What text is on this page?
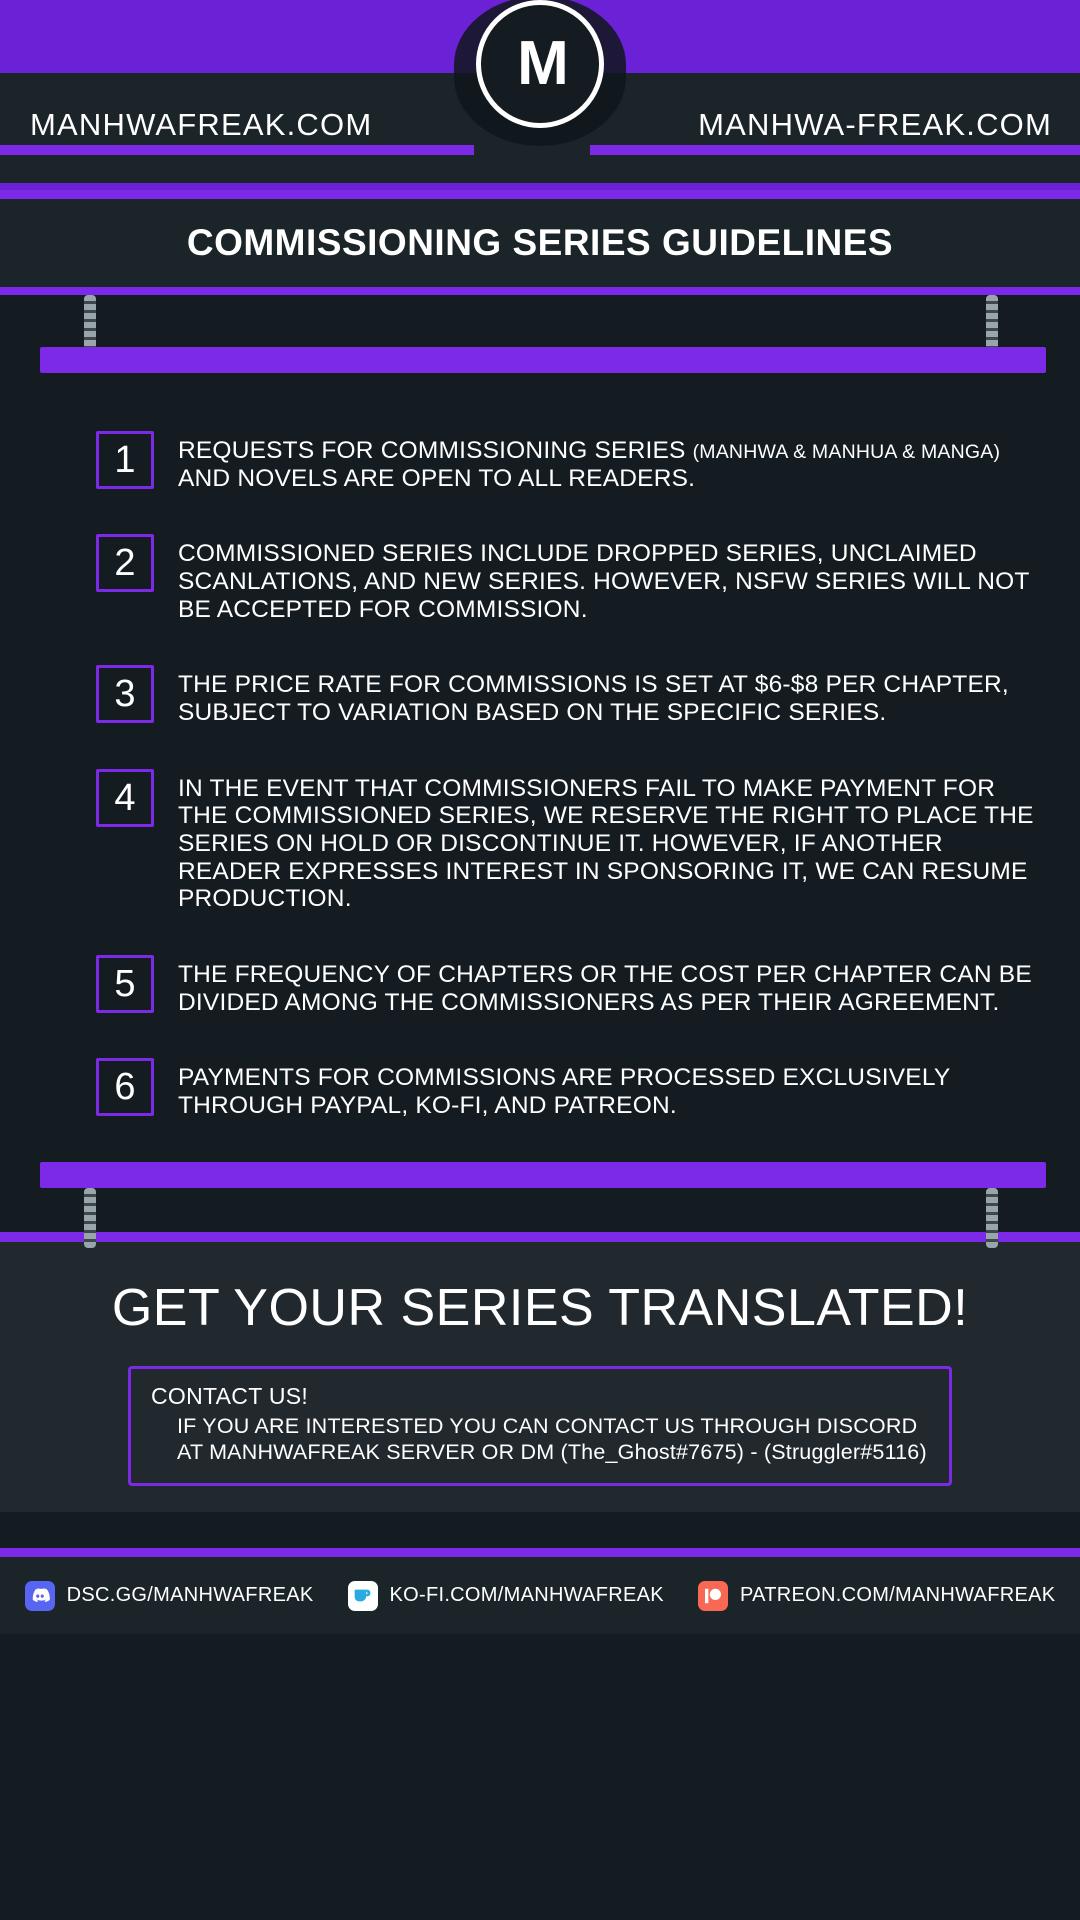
MANHWAFREAK.COM	MANHWA-FREAK.COM
M
COMMISSIONING SERIES GUIDELINES
1	REQUESTS FOR COMMISSIONING SERIES (MANHWA & MANHUA & MANGA) AND NOVELS ARE OPEN TO ALL READERS.
2	COMMISSIONED SERIES INCLUDE DROPPED SERIES, UNCLAIMED SCANLATIONS, AND NEW SERIES. HOWEVER, NSFW SERIES WILL NOT BE ACCEPTED FOR COMMISSION.
3	THE PRICE RATE FOR COMMISSIONS IS SET AT $6-$8 PER CHAPTER, SUBJECT TO VARIATION BASED ON THE SPECIFIC SERIES.
4	IN THE EVENT THAT COMMISSIONERS FAIL TO MAKE PAYMENT FOR THE COMMISSIONED SERIES, WE RESERVE THE RIGHT TO PLACE THE SERIES ON HOLD OR DISCONTINUE IT. HOWEVER, IF ANOTHER READER EXPRESSES INTEREST IN SPONSORING IT, WE CAN RESUME PRODUCTION.
5	THE FREQUENCY OF CHAPTERS OR THE COST PER CHAPTER CAN BE DIVIDED AMONG THE COMMISSIONERS AS PER THEIR AGREEMENT.
6	PAYMENTS FOR COMMISSIONS ARE PROCESSED EXCLUSIVELY THROUGH PAYPAL, KO-FI, AND PATREON.
GET YOUR SERIES TRANSLATED!
CONTACT US!
IF YOU ARE INTERESTED YOU CAN CONTACT US THROUGH DISCORD
AT MANHWAFREAK SERVER OR DM (The_Ghost#7675) - (Struggler#5116)
DSC.GG/MANHWAFREAK	KO-FI.COM/MANHWAFREAK	PATREON.COM/MANHWAFREAK
